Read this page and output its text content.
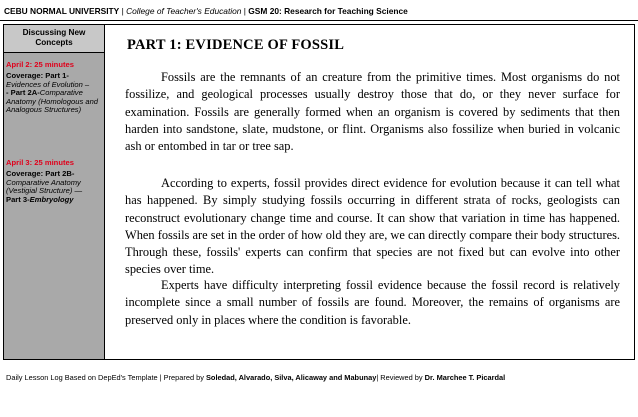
CEBU NORMAL UNIVERSITY | College of Teacher's Education | GSM 20: Research for Teaching Science
Discussing New Concepts
April 2: 25 minutes
Coverage: Part 1-
Evidences of Evolution –
- Part 2A-Comparative Anatomy (Homologous and Analogous Structures)
April 3: 25 minutes
Coverage: Part 2B-
Comparative Anatomy (Vestigial Structure) —
Part 3-Embryology
PART 1: EVIDENCE OF FOSSIL
Fossils are the remnants of an creature from the primitive times. Most organisms do not fossilize, and geological processes usually destroy those that do, or they never surface for examination. Fossils are generally formed when an organism is covered by sediments that then harden into sandstone, slate, mudstone, or flint. Organisms also fossilize when buried in volcanic ash or entombed in tar or tree sap.
According to experts, fossil provides direct evidence for evolution because it can tell what has happened. By simply studying fossils occurring in different strata of rocks, geologists can reconstruct evolutionary change time and course. It can show that variation in time has happened. When fossils are set in the order of how old they are, we can directly compare their body structures. Through these, fossils' experts can confirm that species are not fixed but can evolve into other species over time.
Experts have difficulty interpreting fossil evidence because the fossil record is relatively incomplete since a small number of fossils are found. Moreover, the remains of organisms are preserved only in places where the condition is favorable.
Daily Lesson Log Based on DepEd's Template | Prepared by Soledad, Alvarado, Silva, Alicaway and Mabunay| Reviewed by Dr. Marchee T. Picardal
